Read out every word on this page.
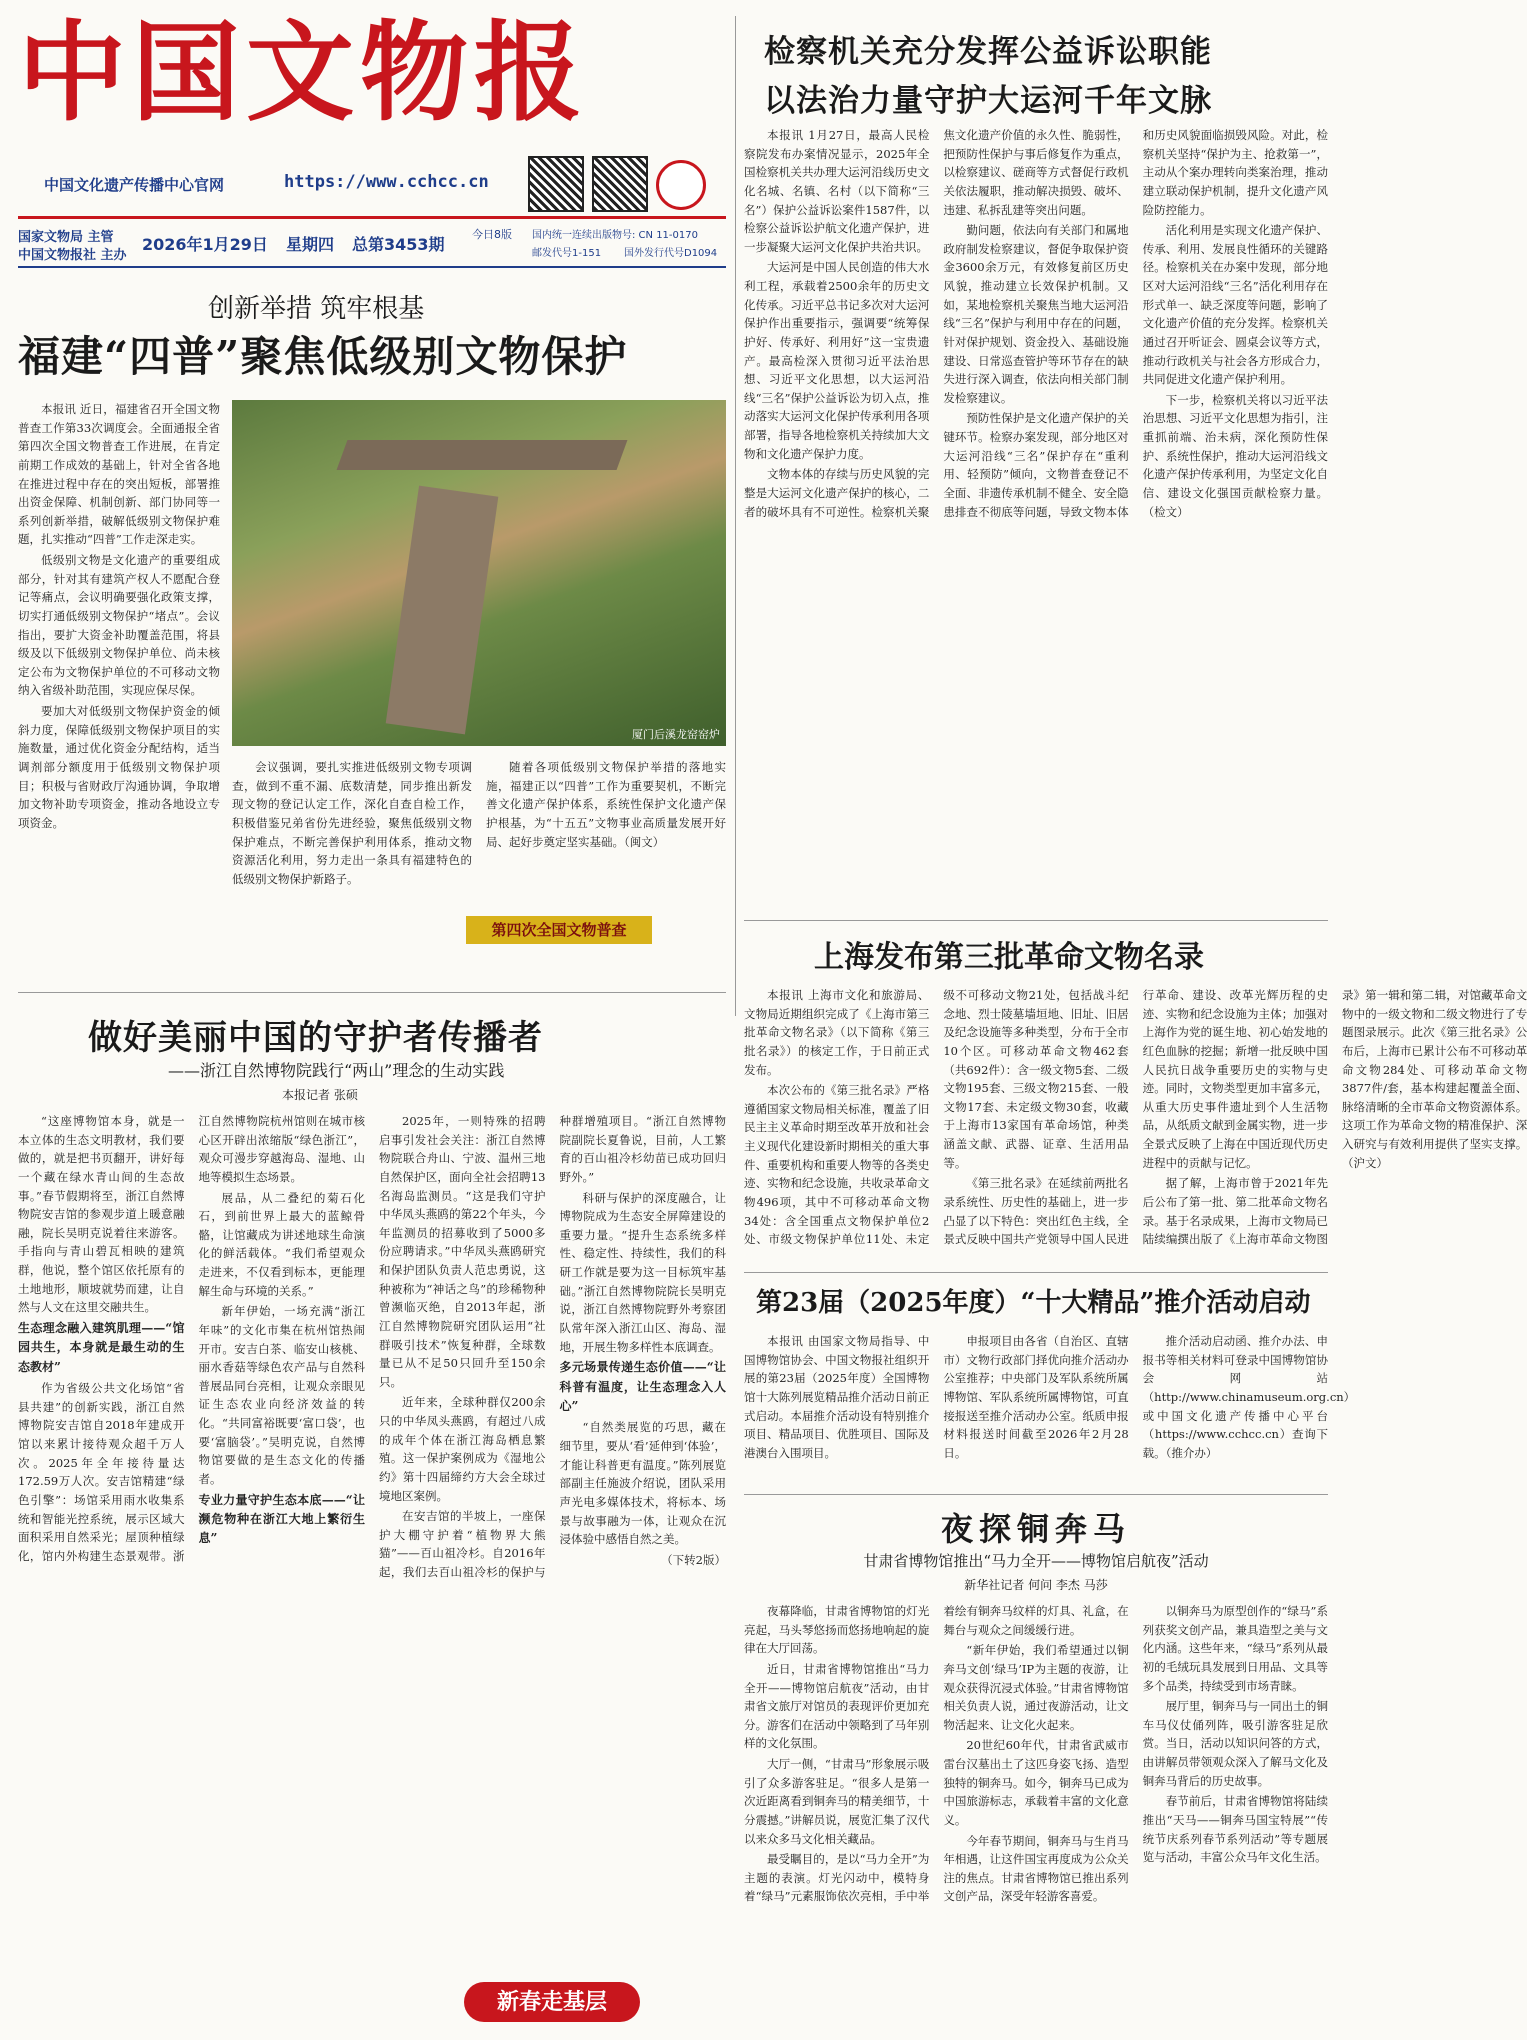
中国文物报
中国文化遗产传播中心官网	https://www.cchcc.cn
国家文物局 主管
中国文物报社 主办
2026年1月29日 星期四 总第3453期
今日8版 国内统一连续出版物号: CN 11-0170
邮发代号1-151 国外发行代号D1094
检察机关充分发挥公益诉讼职能
以法治力量守护大运河千年文脉

本报讯 1月27日，最高人民检察院发布办案情况显示，2025年全国检察机关共办理大运河沿线历史文化名城、名镇、名村（以下简称“三名”）保护公益诉讼案件1587件，以检察公益诉讼护航文化遗产保护，进一步凝聚大运河文化保护共治共识。

大运河是中国人民创造的伟大水利工程，承载着2500余年的历史文化传承。习近平总书记多次对大运河保护作出重要指示，强调要“统筹保护好、传承好、利用好”这一宝贵遗产。最高检深入贯彻习近平法治思想、习近平文化思想，以大运河沿线“三名”保护公益诉讼为切入点，推动落实大运河文化保护传承利用各项部署，指导各地检察机关持续加大文物和文化遗产保护力度。

文物本体的存续与历史风貌的完整是大运河文化遗产保护的核心，二者的破坏具有不可逆性。检察机关聚焦文化遗产价值的永久性、脆弱性，把预防性保护与事后修复作为重点，以检察建议、磋商等方式督促行政机关依法履职，推动解决损毁、破坏、违建、私拆乱建等突出问题。

勤问题，依法向有关部门和属地政府制发检察建议，督促争取保护资金3600余万元，有效修复前区历史风貌，推动建立长效保护机制。又如，某地检察机关聚焦当地大运河沿线“三名”保护与利用中存在的问题，针对保护规划、资金投入、基础设施建设、日常巡查管护等环节存在的缺失进行深入调查，依法向相关部门制发检察建议。

预防性保护是文化遗产保护的关键环节。检察办案发现，部分地区对大运河沿线“三名”保护存在“重利用、轻预防”倾向，文物普查登记不全面、非遗传承机制不健全、安全隐患排查不彻底等问题，导致文物本体和历史风貌面临损毁风险。对此，检察机关坚持“保护为主、抢救第一”，主动从个案办理转向类案治理，推动建立联动保护机制，提升文化遗产风险防控能力。

活化利用是实现文化遗产保护、传承、利用、发展良性循环的关键路径。检察机关在办案中发现，部分地区对大运河沿线“三名”活化利用存在形式单一、缺乏深度等问题，影响了文化遗产价值的充分发挥。检察机关通过召开听证会、圆桌会议等方式，推动行政机关与社会各方形成合力，共同促进文化遗产保护利用。

下一步，检察机关将以习近平法治思想、习近平文化思想为指引，注重抓前端、治未病，深化预防性保护、系统性保护，推动大运河沿线文化遗产保护传承利用，为坚定文化自信、建设文化强国贡献检察力量。（检文）

创新举措 筑牢根基
福建“四普”聚焦低级别文物保护

本报讯 近日，福建省召开全国文物普查工作第33次调度会。全面通报全省第四次全国文物普查工作进展，在肯定前期工作成效的基础上，针对全省各地在推进过程中存在的突出短板，部署推出资金保障、机制创新、部门协同等一系列创新举措，破解低级别文物保护难题，扎实推动“四普”工作走深走实。

低级别文物是文化遗产的重要组成部分，针对其有建筑产权人不愿配合登记等痛点，会议明确要强化政策支撑，切实打通低级别文物保护“堵点”。会议指出，要扩大资金补助覆盖范围，将县级及以下低级别文物保护单位、尚未核定公布为文物保护单位的不可移动文物纳入省级补助范围，实现应保尽保。

要加大对低级别文物保护资金的倾斜力度，保障低级别文物保护项目的实施数量，通过优化资金分配结构，适当调剂部分额度用于低级别文物保护项目；积极与省财政厅沟通协调，争取增加文物补助专项资金，推动各地设立专项资金。

厦门后溪龙窑窑炉

会议强调，要扎实推进低级别文物专项调查，做到不重不漏、底数清楚，同步推出新发现文物的登记认定工作，深化自查自检工作，积极借鉴兄弟省份先进经验，聚焦低级别文物保护难点，不断完善保护利用体系，推动文物资源活化利用，努力走出一条具有福建特色的低级别文物保护新路子。

随着各项低级别文物保护举措的落地实施，福建正以“四普”工作为重要契机，不断完善文化遗产保护体系，系统性保护文化遗产保护根基，为“十五五”文物事业高质量发展开好局、起好步奠定坚实基础。（闽文）

第四次全国文物普查
上海发布第三批革命文物名录

本报讯 上海市文化和旅游局、文物局近期组织完成了《上海市第三批革命文物名录》（以下简称《第三批名录》）的核定工作，于日前正式发布。

本次公布的《第三批名录》严格遵循国家文物局相关标准，覆盖了旧民主主义革命时期至改革开放和社会主义现代化建设新时期相关的重大事件、重要机构和重要人物等的各类史迹、实物和纪念设施，共收录革命文物496项，其中不可移动革命文物34处：含全国重点文物保护单位2处、市级文物保护单位11处、未定级不可移动文物21处，包括战斗纪念地、烈士陵墓墙垣地、旧址、旧居及纪念设施等多种类型，分布于全市10个区。可移动革命文物462套（共692件）：含一级文物5套、二级文物195套、三级文物215套、一般文物17套、未定级文物30套，收藏于上海市13家国有革命场馆，种类涵盖文献、武器、证章、生活用品等。

《第三批名录》在延续前两批名录系统性、历史性的基础上，进一步凸显了以下特色：突出红色主线，全景式反映中国共产党领导中国人民进行革命、建设、改革光辉历程的史迹、实物和纪念设施为主体；加强对上海作为党的诞生地、初心始发地的红色血脉的挖掘；新增一批反映中国人民抗日战争重要历史的实物与史迹。同时，文物类型更加丰富多元，从重大历史事件遗址到个人生活物品，从纸质文献到金属实物，进一步全景式反映了上海在中国近现代历史进程中的贡献与记忆。

据了解，上海市曾于2021年先后公布了第一批、第二批革命文物名录。基于名录成果，上海市文物局已陆续编撰出版了《上海市革命文物图录》第一辑和第二辑，对馆藏革命文物中的一级文物和二级文物进行了专题图录展示。此次《第三批名录》公布后，上海市已累计公布不可移动革命文物284处、可移动革命文物3877件/套，基本构建起覆盖全面、脉络清晰的全市革命文物资源体系。这项工作为革命文物的精准保护、深入研究与有效利用提供了坚实支撑。（沪文）

做好美丽中国的守护者传播者
——浙江自然博物院践行“两山”理念的生动实践
本报记者 张硕

“这座博物馆本身，就是一本立体的生态文明教材，我们要做的，就是把书页翻开，讲好每一个藏在绿水青山间的生态故事。”春节假期将至，浙江自然博物院安吉馆的参观步道上暖意融融，院长吴明克说着往来游客。手指向与青山碧瓦相映的建筑群，他说，整个馆区依托原有的土地地形，顺坡就势而建，让自然与人文在这里交融共生。

生态理念融入建筑肌理——“馆园共生，本身就是最生动的生态教材”

作为省级公共文化场馆“省县共建”的创新实践，浙江自然博物院安吉馆自2018年建成开馆以来累计接待观众超千万人次。2025年全年接待量达172.59万人次。安吉馆精建“绿色引擎”：场馆采用雨水收集系统和智能光控系统，展示区域大面积采用自然采光；屋顶种植绿化，馆内外构建生态景观带。浙江自然博物院杭州馆则在城市核心区开辟出浓缩版“绿色浙江”，观众可漫步穿越海岛、湿地、山地等模拟生态场景。

展品，从二叠纪的菊石化石，到前世界上最大的蓝鲸骨骼，让馆藏成为讲述地球生命演化的鲜活载体。“我们希望观众走进来，不仅看到标本，更能理解生命与环境的关系。”

新年伊始，一场充满“浙江年味”的文化市集在杭州馆热闹开市。安吉白茶、临安山核桃、丽水香菇等绿色农产品与自然科普展品同台亮相，让观众亲眼见证生态农业向经济效益的转化。“共同富裕既要‘富口袋’，也要‘富脑袋’。”吴明克说，自然博物馆要做的是生态文化的传播者。

专业力量守护生态本底——“让濒危物种在浙江大地上繁衍生息”

2025年，一则特殊的招聘启事引发社会关注：浙江自然博物院联合舟山、宁波、温州三地自然保护区，面向全社会招聘13名海岛监测员。“这是我们守护中华凤头燕鸥的第22个年头，今年监测员的招募收到了5000多份应聘请求。”中华凤头燕鸥研究和保护团队负责人范忠勇说，这种被称为“神话之鸟”的珍稀物种曾濒临灭绝，自2013年起，浙江自然博物院研究团队运用“社群吸引技术”恢复种群，全球数量已从不足50只回升至150余只。

近年来，全球种群仅200余只的中华凤头燕鸥，有超过八成的成年个体在浙江海岛栖息繁殖。这一保护案例成为《湿地公约》第十四届缔约方大会全球过境地区案例。

在安吉馆的半坡上，一座保护大棚守护着“植物界大熊猫”——百山祖冷杉。自2016年起，我们去百山祖冷杉的保护与种群增殖项目。“浙江自然博物院副院长夏鲁说，目前，人工繁育的百山祖冷杉幼苗已成功回归野外。”

科研与保护的深度融合，让博物院成为生态安全屏障建设的重要力量。“提升生态系统多样性、稳定性、持续性，我们的科研工作就是要为这一目标筑牢基础。”浙江自然博物院院长吴明克说，浙江自然博物院野外考察团队常年深入浙江山区、海岛、湿地，开展生物多样性本底调查。

多元场景传递生态价值——“让科普有温度，让生态理念入人心”

“自然类展览的巧思，藏在细节里，要从‘看’延伸到‘体验’，才能让科普更有温度。”陈列展览部副主任施波介绍说，团队采用声光电多媒体技术，将标本、场景与故事融为一体，让观众在沉浸体验中感悟自然之美。

（下转2版）

新春走基层
第23届（2025年度）“十大精品”推介活动启动

本报讯 由国家文物局指导、中国博物馆协会、中国文物报社组织开展的第23届（2025年度）全国博物馆十大陈列展览精品推介活动日前正式启动。本届推介活动设有特别推介项目、精品项目、优胜项目、国际及港澳台入围项目。

申报项目由各省（自治区、直辖市）文物行政部门择优向推介活动办公室推荐；中央部门及军队系统所属博物馆、军队系统所属博物馆，可直接报送至推介活动办公室。纸质申报材料报送时间截至2026年2月28日。

推介活动启动函、推介办法、申报书等相关材料可登录中国博物馆协会网站（http://www.chinamuseum.org.cn）或中国文化遗产传播中心平台（https://www.cchcc.cn）查询下载。（推介办）

夜探铜奔马
甘肃省博物馆推出“马力全开——博物馆启航夜”活动
新华社记者 何问 李杰 马莎

夜幕降临，甘肃省博物馆的灯光亮起，马头琴悠扬而悠扬地响起的旋律在大厅回荡。

近日，甘肃省博物馆推出“马力全开——博物馆启航夜”活动，由甘肃省文旅厅对馆员的表现评价更加充分。游客们在活动中领略到了马年别样的文化氛围。

大厅一侧，“甘肃马”形象展示吸引了众多游客驻足。“很多人是第一次近距离看到铜奔马的精美细节，十分震撼。”讲解员说，展览汇集了汉代以来众多马文化相关藏品。

最受瞩目的，是以“马力全开”为主题的表演。灯光闪动中，模特身着“绿马”元素服饰依次亮相，手中举着绘有铜奔马纹样的灯具、礼盒，在舞台与观众之间缓缓行进。

“新年伊始，我们希望通过以铜奔马文创‘绿马’IP为主题的夜游，让观众获得沉浸式体验。”甘肃省博物馆相关负责人说，通过夜游活动，让文物活起来、让文化火起来。

20世纪60年代，甘肃省武威市雷台汉墓出土了这匹身姿飞扬、造型独特的铜奔马。如今，铜奔马已成为中国旅游标志，承载着丰富的文化意义。

今年春节期间，铜奔马与生肖马年相遇，让这件国宝再度成为公众关注的焦点。甘肃省博物馆已推出系列文创产品，深受年轻游客喜爱。

以铜奔马为原型创作的“绿马”系列获奖文创产品，兼具造型之美与文化内涵。这些年来，“绿马”系列从最初的毛绒玩具发展到日用品、文具等多个品类，持续受到市场青睐。

展厅里，铜奔马与一同出土的铜车马仪仗俑列阵，吸引游客驻足欣赏。当日，活动以知识问答的方式，由讲解员带领观众深入了解马文化及铜奔马背后的历史故事。

春节前后，甘肃省博物馆将陆续推出“天马——铜奔马国宝特展”“传统节庆系列春节系列活动”等专题展览与活动，丰富公众马年文化生活。
